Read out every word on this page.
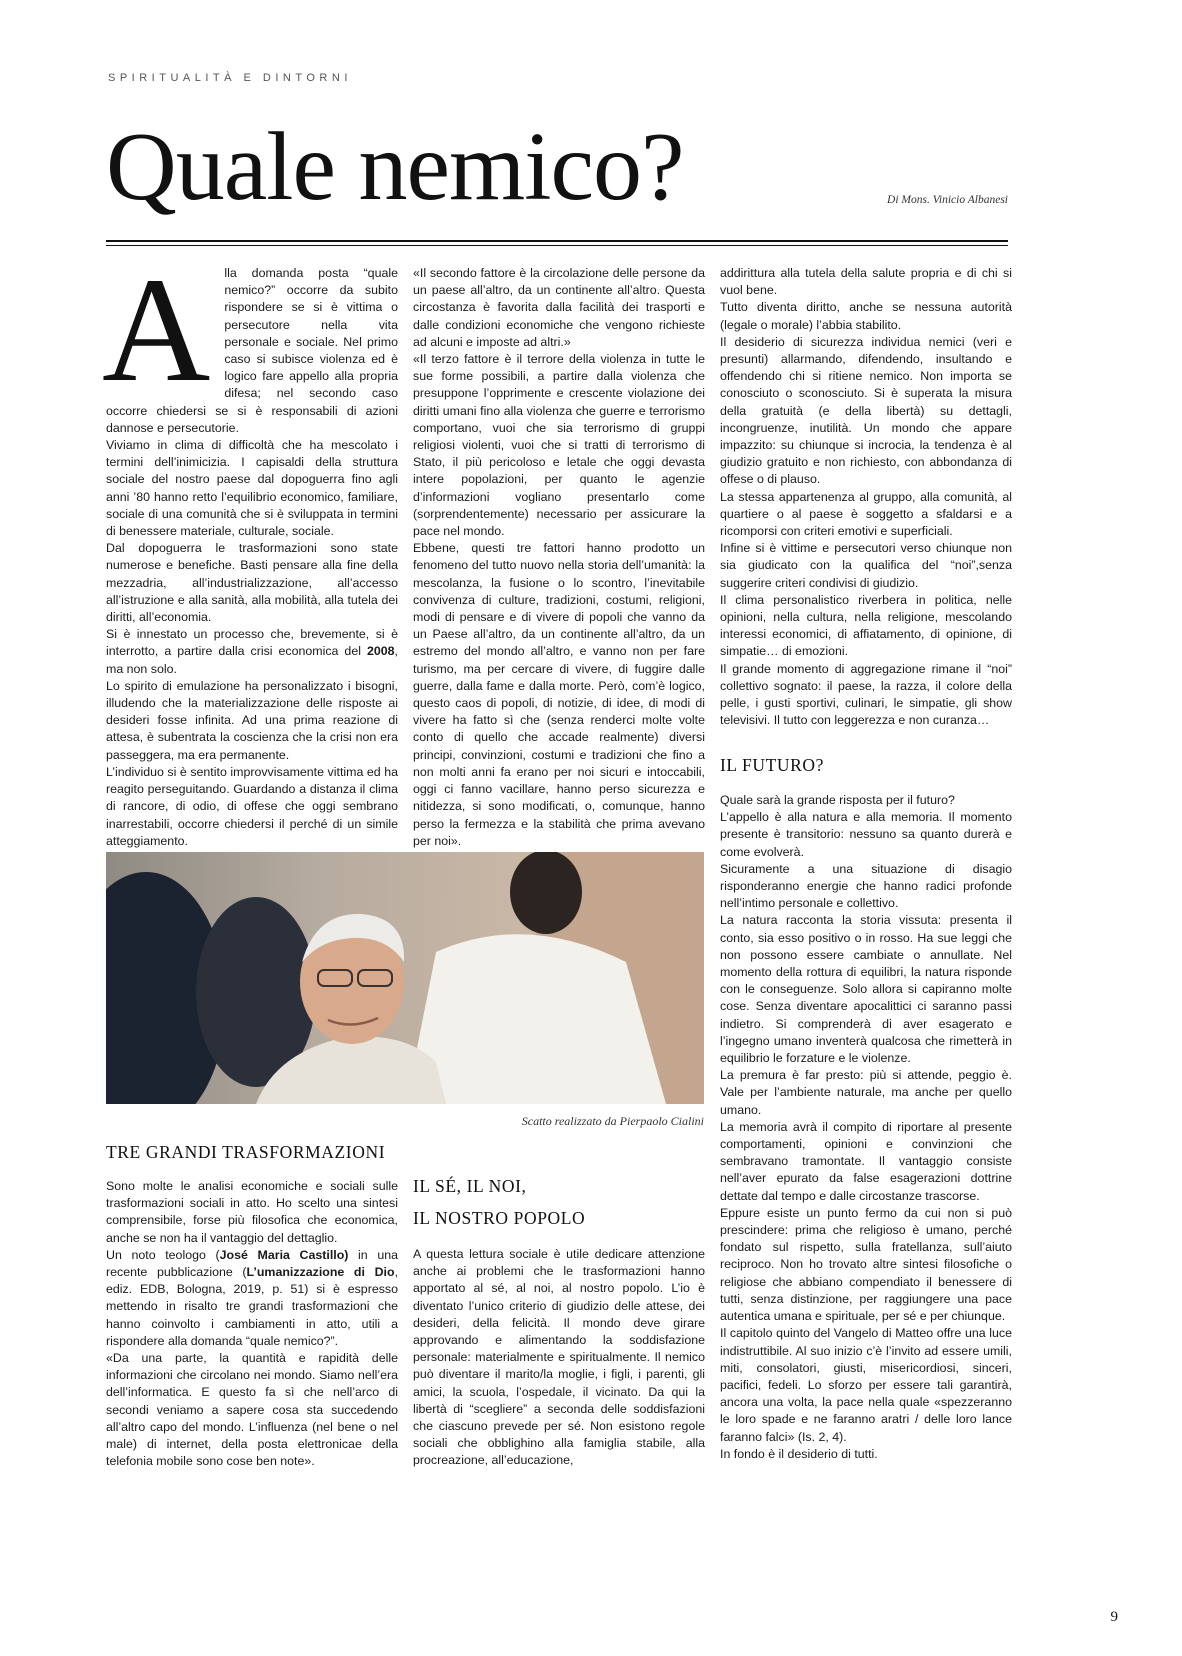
SPIRITUALITÀ E DINTORNI
Quale nemico?	Di Mons. Vinicio Albanesi

A lla domanda posta “quale nemico?” occorre da subito rispondere se si è vittima o persecutore nella vita personale e sociale. Nel primo caso si subisce violenza ed è logico fare appello alla propria difesa; nel secondo caso occorre chiedersi se si è responsabili di azioni dannose e persecutorie.

Viviamo in clima di difficoltà che ha mescolato i termini dell’inimicizia. I capisaldi della struttura sociale del nostro paese dal dopoguerra fino agli anni ’80 hanno retto l’equilibrio economico, familiare, sociale di una comunità che si è sviluppata in termini di benessere materiale, culturale, sociale.

Dal dopoguerra le trasformazioni sono state numerose e benefiche. Basti pensare alla fine della mezzadria, all’industrializzazione, all’accesso all’istruzione e alla sanità, alla mobilità, alla tutela dei diritti, all’economia.

Si è innestato un processo che, brevemente, si è interrotto, a partire dalla crisi economica del 2008, ma non solo.

Lo spirito di emulazione ha personalizzato i bisogni, illudendo che la materializzazione delle risposte ai desideri fosse infinita. Ad una prima reazione di attesa, è subentrata la coscienza che la crisi non era passeggera, ma era permanente.

L’individuo si è sentito improvvisamente vittima ed ha reagito perseguitando. Guardando a distanza il clima di rancore, di odio, di offese che oggi sembrano inarrestabili, occorre chiedersi il perché di un simile atteggiamento.

«Il secondo fattore è la circolazione delle persone da un paese all’altro, da un continente all’altro. Questa circostanza è favorita dalla facilità dei trasporti e dalle condizioni economiche che vengono richieste ad alcuni e imposte ad altri.»

«Il terzo fattore è il terrore della violenza in tutte le sue forme possibili, a partire dalla violenza che presuppone l’opprimente e crescente violazione dei diritti umani fino alla violenza che guerre e terrorismo comportano, vuoi che sia terrorismo di gruppi religiosi violenti, vuoi che si tratti di terrorismo di Stato, il più pericoloso e letale che oggi devasta intere popolazioni, per quanto le agenzie d’informazioni vogliano presentarlo come (sorprendentemente) necessario per assicurare la pace nel mondo.

Ebbene, questi tre fattori hanno prodotto un fenomeno del tutto nuovo nella storia dell’umanità: la mescolanza, la fusione o lo scontro, l’inevitabile convivenza di culture, tradizioni, costumi, religioni, modi di pensare e di vivere di popoli che vanno da un Paese all’altro, da un continente all’altro, da un estremo del mondo all’altro, e vanno non per fare turismo, ma per cercare di vivere, di fuggire dalle guerre, dalla fame e dalla morte. Però, com’è logico, questo caos di popoli, di notizie, di idee, di modi di vivere ha fatto sì che (senza renderci molte volte conto di quello che accade realmente) diversi principi, convinzioni, costumi e tradizioni che fino a non molti anni fa erano per noi sicuri e intoccabili, oggi ci fanno vacillare, hanno perso sicurezza e nitidezza, si sono modificati, o, comunque, hanno perso la fermezza e la stabilità che prima avevano per noi».

addirittura alla tutela della salute propria e di chi si vuol bene.

Tutto diventa diritto, anche se nessuna autorità (legale o morale) l’abbia stabilito.

Il desiderio di sicurezza individua nemici (veri e presunti) allarmando, difendendo, insultando e offendendo chi si ritiene nemico. Non importa se conosciuto o sconosciuto. Si è superata la misura della gratuità (e della libertà) su dettagli, incongruenze, inutilità. Un mondo che appare impazzito: su chiunque si incrocia, la tendenza è al giudizio gratuito e non richiesto, con abbondanza di offese o di plauso.

La stessa appartenenza al gruppo, alla comunità, al quartiere o al paese è soggetto a sfaldarsi e a ricomporsi con criteri emotivi e superficiali.

Infine si è vittime e persecutori verso chiunque non sia giudicato con la qualifica del “noi”,senza suggerire criteri condivisi di giudizio.

Il clima personalistico riverbera in politica, nelle opinioni, nella cultura, nella religione, mescolando interessi economici, di affiatamento, di opinione, di simpatie… di emozioni.

Il grande momento di aggregazione rimane il “noi” collettivo sognato: il paese, la razza, il colore della pelle, i gusti sportivi, culinari, le simpatie, gli show televisivi. Il tutto con leggerezza e non curanza…

Scatto realizzato da Pierpaolo Cialini
TRE GRANDI TRASFORMAZIONI

Sono molte le analisi economiche e sociali sulle trasformazioni sociali in atto. Ho scelto una sintesi comprensibile, forse più filosofica che economica, anche se non ha il vantaggio del dettaglio.

Un noto teologo (José Maria Castillo) in una recente pubblicazione (L’umanizzazione di Dio, ediz. EDB, Bologna, 2019, p. 51) si è espresso mettendo in risalto tre grandi trasformazioni che hanno coinvolto i cambiamenti in atto, utili a rispondere alla domanda “quale nemico?”.

«Da una parte, la quantità e rapidità delle informazioni che circolano nei mondo. Siamo nell’era dell’informatica. E questo fa sì che nell’arco di secondi veniamo a sapere cosa sta succedendo all’altro capo del mondo. L’influenza (nel bene o nel male) di internet, della posta elettronicae della telefonia mobile sono cose ben note».

IL SÉ, IL NOI,
IL NOSTRO POPOLO

A questa lettura sociale è utile dedicare attenzione anche ai problemi che le trasformazioni hanno apportato al sé, al noi, al nostro popolo. L’io è diventato l’unico criterio di giudizio delle attese, dei desideri, della felicità. Il mondo deve girare approvando e alimentando la soddisfazione personale: materialmente e spiritualmente. Il nemico può diventare il marito/la moglie, i figli, i parenti, gli amici, la scuola, l’ospedale, il vicinato. Da qui la libertà di “scegliere” a seconda delle soddisfazioni che ciascuno prevede per sé. Non esistono regole sociali che obblighino alla famiglia stabile, alla procreazione, all’educazione,

IL FUTURO?

Quale sarà la grande risposta per il futuro?

L’appello è alla natura e alla memoria. Il momento presente è transitorio: nessuno sa quanto durerà e come evolverà.

Sicuramente a una situazione di disagio risponderanno energie che hanno radici profonde nell’intimo personale e collettivo.

La natura racconta la storia vissuta: presenta il conto, sia esso positivo o in rosso. Ha sue leggi che non possono essere cambiate o annullate. Nel momento della rottura di equilibri, la natura risponde con le conseguenze. Solo allora si capiranno molte cose. Senza diventare apocalittici ci saranno passi indietro. Si comprenderà di aver esagerato e l’ingegno umano inventerà qualcosa che rimetterà in equilibrio le forzature e le violenze.

La premura è far presto: più si attende, peggio è. Vale per l’ambiente naturale, ma anche per quello umano.

La memoria avrà il compito di riportare al presente comportamenti, opinioni e convinzioni che sembravano tramontate. Il vantaggio consiste nell’aver epurato da false esagerazioni dottrine dettate dal tempo e dalle circostanze trascorse.

Eppure esiste un punto fermo da cui non si può prescindere: prima che religioso è umano, perché fondato sul rispetto, sulla fratellanza, sull’aiuto reciproco. Non ho trovato altre sintesi filosofiche o religiose che abbiano compendiato il benessere di tutti, senza distinzione, per raggiungere una pace autentica umana e spirituale, per sé e per chiunque.

Il capitolo quinto del Vangelo di Matteo offre una luce indistruttibile. Al suo inizio c’è l’invito ad essere umili, miti, consolatori, giusti, misericordiosi, sinceri, pacifici, fedeli. Lo sforzo per essere tali garantirà, ancora una volta, la pace nella quale «spezzeranno le loro spade e ne faranno aratri / delle loro lance faranno falci» (Is. 2, 4).

In fondo è il desiderio di tutti.

9
